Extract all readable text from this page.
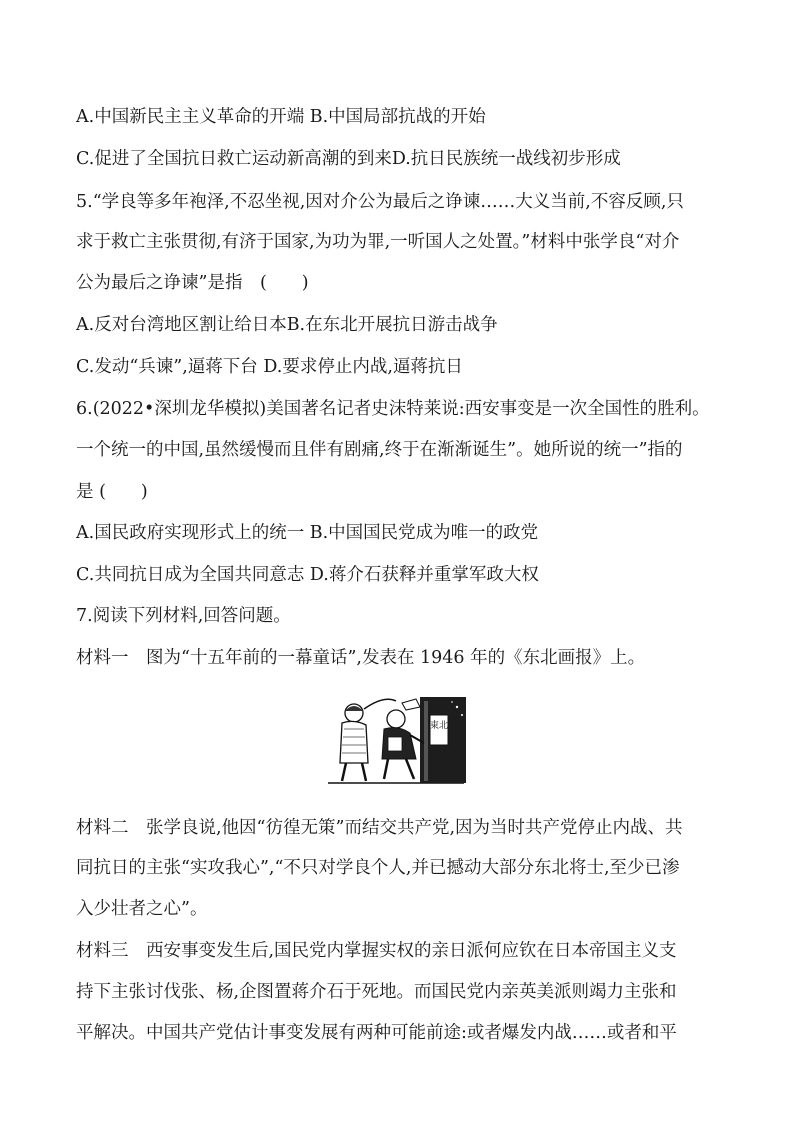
A.中国新民主主义革命的开端 B.中国局部抗战的开始
C.促进了全国抗日救亡运动新高潮的到来D.抗日民族统一战线初步形成
5.“学良等多年袍泽,不忍坐视,因对介公为最后之诤谏……大义当前,不容反顾,只
求于救亡主张贯彻,有济于国家,为功为罪,一听国人之处置。”材料中张学良“对介
公为最后之诤谏”是指　(　　)
A.反对台湾地区割让给日本B.在东北开展抗日游击战争
C.发动“兵谏”,逼蒋下台 D.要求停止内战,逼蒋抗日
6.(2022•深圳龙华模拟)美国著名记者史沫特莱说:西安事变是一次全国性的胜利。
一个统一的中国,虽然缓慢而且伴有剧痛,终于在渐渐诞生”。她所说的统一”指的
是 (　　)
A.国民政府实现形式上的统一 B.中国国民党成为唯一的政党
C.共同抗日成为全国共同意志 D.蒋介石获释并重掌军政大权
7.阅读下列材料,回答问题。
材料一　图为“十五年前的一幕童话”,发表在 1946 年的《东北画报》上。
東北
材料二　张学良说,他因“彷徨无策”而结交共产党,因为当时共产党停止内战、共
同抗日的主张“实攻我心”,“不只对学良个人,并已撼动大部分东北将士,至少已渗
入少壮者之心”。
材料三　西安事变发生后,国民党内掌握实权的亲日派何应钦在日本帝国主义支
持下主张讨伐张、杨,企图置蒋介石于死地。而国民党内亲英美派则竭力主张和
平解决。中国共产党估计事变发展有两种可能前途:或者爆发内战……或者和平
